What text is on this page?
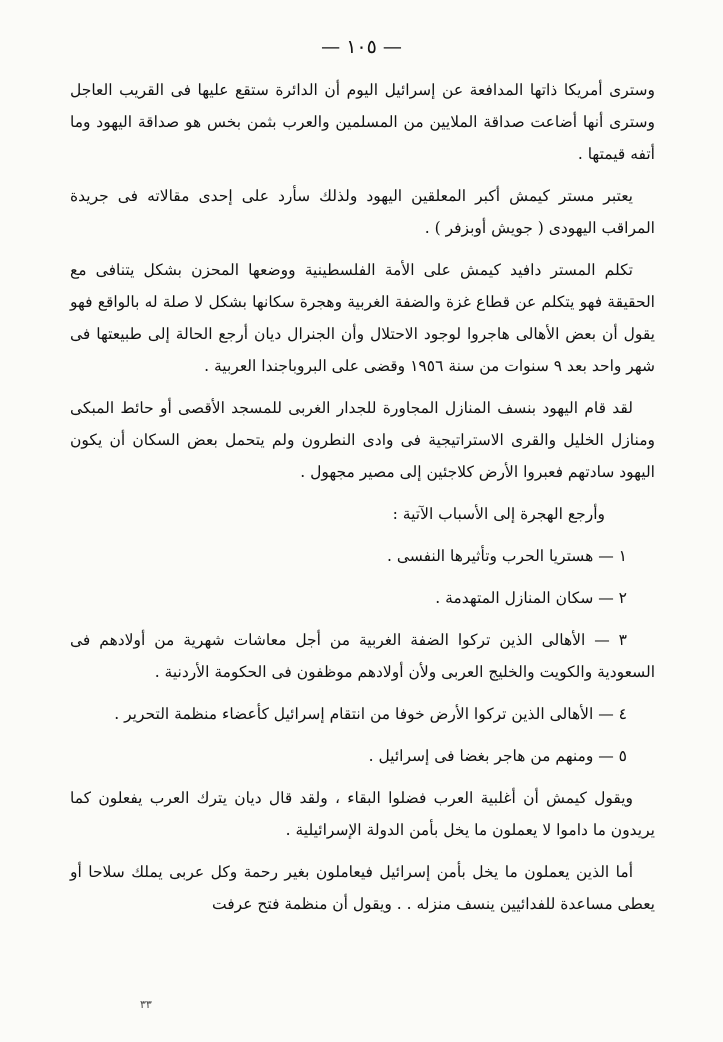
— ١٠٥ —

وسترى أمريكا ذاتها المدافعة عن إسرائيل اليوم أن الدائرة ستقع عليها فى القريب العاجل وسترى أنها أضاعت صداقة الملايين من المسلمين والعرب بثمن بخس هو صداقة اليهود وما أتفه قيمتها .

يعتبر مستر كيمش أكبر المعلقين اليهود ولذلك سأرد على إحدى مقالاته فى جريدة المراقب اليهودى ( جويش أوبزفر ) .

تكلم المستر دافيد كيمش على الأمة الفلسطينية ووضعها المحزن بشكل يتنافى مع الحقيقة فهو يتكلم عن قطاع غزة والضفة الغربية وهجرة سكانها بشكل لا صلة له بالواقع فهو يقول أن بعض الأهالى هاجروا لوجود الاحتلال وأن الجنرال ديان أرجع الحالة إلى طبيعتها فى شهر واحد بعد ٩ سنوات من سنة ١٩٥٦ وقضى على البروباجندا العربية .

لقد قام اليهود بنسف المنازل المجاورة للجدار الغربى للمسجد الأقصى أو حائط المبكى ومنازل الخليل والقرى الاستراتيجية فى وادى النطرون ولم يتحمل بعض السكان أن يكون اليهود سادتهم فعبروا الأرض كلاجئين إلى مصير مجهول .

وأرجع الهجرة إلى الأسباب الآتية :

١ — هستريا الحرب وتأثيرها النفسى .

٢ — سكان المنازل المتهدمة .

٣ — الأهالى الذين تركوا الضفة الغربية من أجل معاشات شهرية من أولادهم فى السعودية والكويت والخليج العربى ولأن أولادهم موظفون فى الحكومة الأردنية .

٤ — الأهالى الذين تركوا الأرض خوفا من انتقام إسرائيل كأعضاء منظمة التحرير .

٥ — ومنهم من هاجر بغضا فى إسرائيل .

ويقول كيمش أن أغلبية العرب فضلوا البقاء ، ولقد قال ديان يترك العرب يفعلون كما يريدون ما داموا لا يعملون ما يخل بأمن الدولة الإسرائيلية .

أما الذين يعملون ما يخل بأمن إسرائيل فيعاملون بغير رحمة وكل عربى يملك سلاحا أو يعطى مساعدة للفدائيين ينسف منزله . . ويقول أن منظمة فتح عرفت

٣٣
